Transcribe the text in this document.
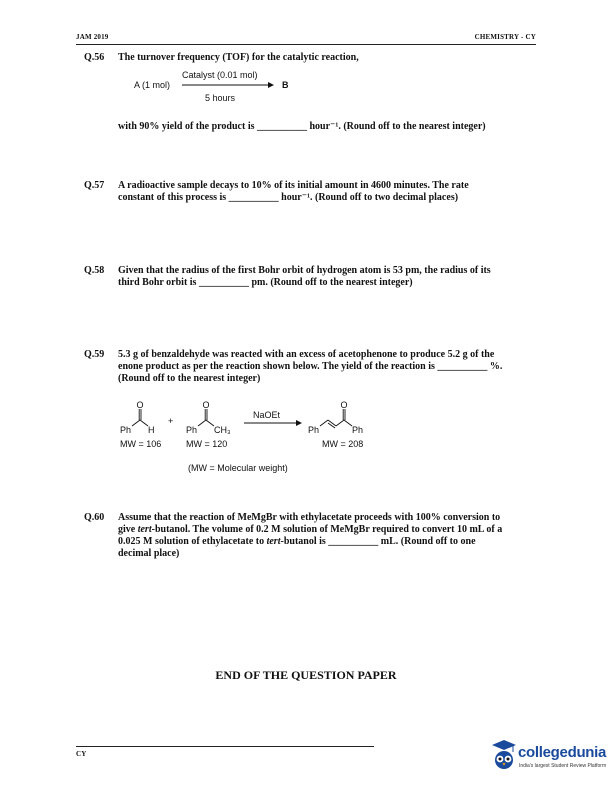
JAM 2019	CHEMISTRY - CY
Q.56 The turnover frequency (TOF) for the catalytic reaction,
A (1 mol)
Catalyst (0.01 mol)
5 hours
B
with 90% yield of the product is __________ hour⁻¹. (Round off to the nearest integer)
Q.57 A radioactive sample decays to 10% of its initial amount in 4600 minutes. The rate
constant of this process is __________ hour⁻¹. (Round off to two decimal places)
Q.58 Given that the radius of the first Bohr orbit of hydrogen atom is 53 pm, the radius of its
third Bohr orbit is __________ pm. (Round off to the nearest integer)
Q.59 5.3 g of benzaldehyde was reacted with an excess of acetophenone to produce 5.2 g of the
enone product as per the reaction shown below. The yield of the reaction is __________ %.
(Round off to the nearest integer)
O
Ph H
+
O
Ph CH₃
NaOEt
O
Ph	Ph
MW = 106	MW = 120	MW = 208
(MW = Molecular weight)
Q.60 Assume that the reaction of MeMgBr with ethylacetate proceeds with 100% conversion to
give tert-butanol. The volume of 0.2 M solution of MeMgBr required to convert 10 mL of a
0.025 M solution of ethylacetate to tert-butanol is __________ mL. (Round off to one
decimal place)
END OF THE QUESTION PAPER
CY	collegedunia
India's largest Student Review Platform
